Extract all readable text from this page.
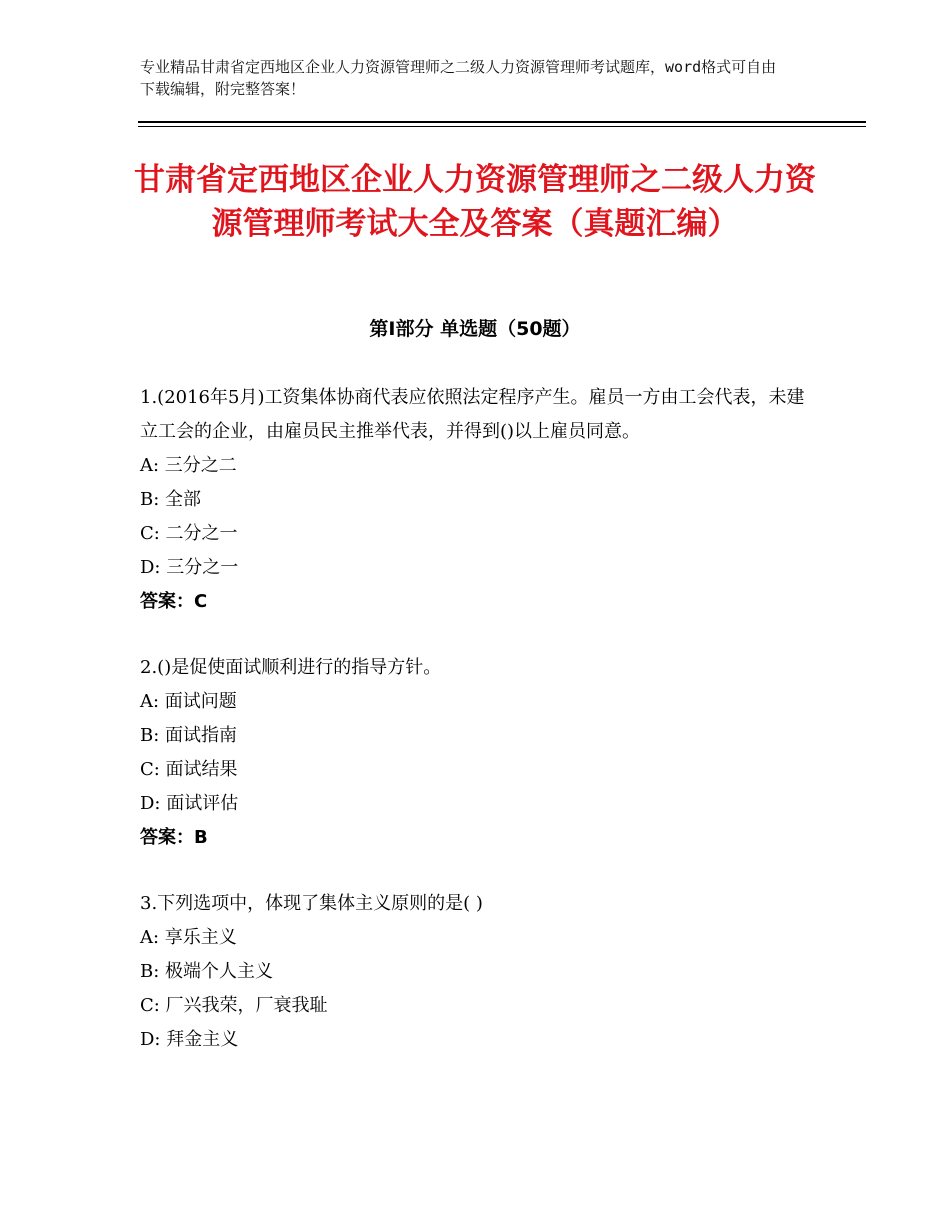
专业精品甘肃省定西地区企业人力资源管理师之二级人力资源管理师考试题库，word格式可自由下载编辑，附完整答案！
甘肃省定西地区企业人力资源管理师之二级人力资源管理师考试大全及答案（真题汇编）
第Ⅰ部分 单选题（50题）
1.(2016年5月)工资集体协商代表应依照法定程序产生。雇员一方由工会代表，未建立工会的企业，由雇员民主推举代表，并得到()以上雇员同意。
A: 三分之二
B: 全部
C: 二分之一
D: 三分之一
答案：C
2.()是促使面试顺利进行的指导方针。
A: 面试问题
B: 面试指南
C: 面试结果
D: 面试评估
答案：B
3.下列选项中，体现了集体主义原则的是( )
A: 享乐主义
B: 极端个人主义
C: 厂兴我荣，厂衰我耻
D: 拜金主义
